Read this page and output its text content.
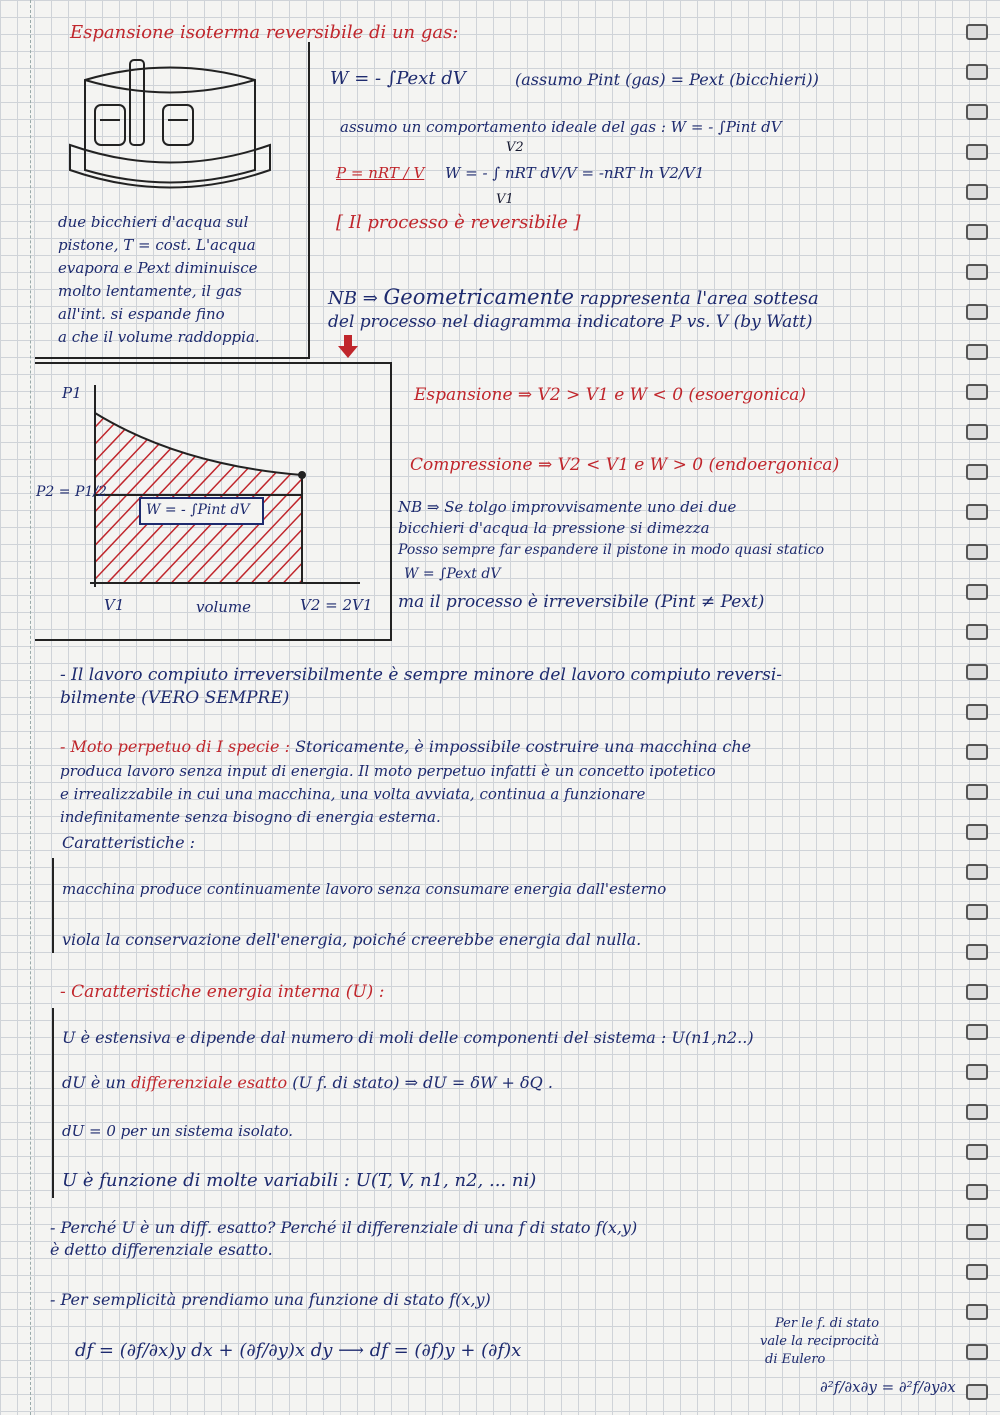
Espansione isoterma reversibile di un gas:
due bicchieri d'acqua sul
pistone, T = cost. L'acqua
evapora e Pext diminuisce
molto lentamente, il gas
all'int. si espande fino
a che il volume raddoppia.
W = - ∫Pext dV	(assumo Pint (gas) = Pext (bicchieri))
assumo un comportamento ideale del gas : W = - ∫Pint dV
P = nRT / V
V2
W = - ∫ nRT dV/V = -nRT ln V2/V1
V1
[ Il processo è reversibile ]
NB ⇒ Geometricamente rappresenta l'area sottesa
del processo nel diagramma indicatore P vs. V (by Watt)
P1
P2 = P1/2
W = - ∫Pint dV
V1	volume	V2 = 2V1
Espansione ⇒ V2 > V1 e W < 0 (esoergonica)
Compressione ⇒ V2 < V1 e W > 0 (endoergonica)
NB ⇒ Se tolgo improvvisamente uno dei due
bicchieri d'acqua la pressione si dimezza
Posso sempre far espandere il pistone in modo quasi statico
W = ∫Pext dV
ma il processo è irreversibile (Pint ≠ Pext)
- Il lavoro compiuto irreversibilmente è sempre minore del lavoro compiuto reversi-
bilmente (VERO SEMPRE)
- Moto perpetuo di I specie : Storicamente, è impossibile costruire una macchina che
produca lavoro senza input di energia. Il moto perpetuo infatti è un concetto ipotetico
e irrealizzabile in cui una macchina, una volta avviata, continua a funzionare
indefinitamente senza bisogno di energia esterna.
Caratteristiche :
macchina produce continuamente lavoro senza consumare energia dall'esterno
viola la conservazione dell'energia, poiché creerebbe energia dal nulla.
- Caratteristiche energia interna (U) :
U è estensiva e dipende dal numero di moli delle componenti del sistema : U(n1,n2..)
dU è un differenziale esatto (U f. di stato) ⇒ dU = δW + δQ .
dU = 0 per un sistema isolato.
U è funzione di molte variabili : U(T, V, n1, n2, ... ni)
- Perché U è un diff. esatto? Perché il differenziale di una f di stato f(x,y)
è detto differenziale esatto.
- Per semplicità prendiamo una funzione di stato f(x,y)
df = (∂f/∂x)y dx + (∂f/∂y)x dy ⟶ df = (∂f)y + (∂f)x
Per le f. di stato
vale la reciprocità
di Eulero
∂²f/∂x∂y = ∂²f/∂y∂x
